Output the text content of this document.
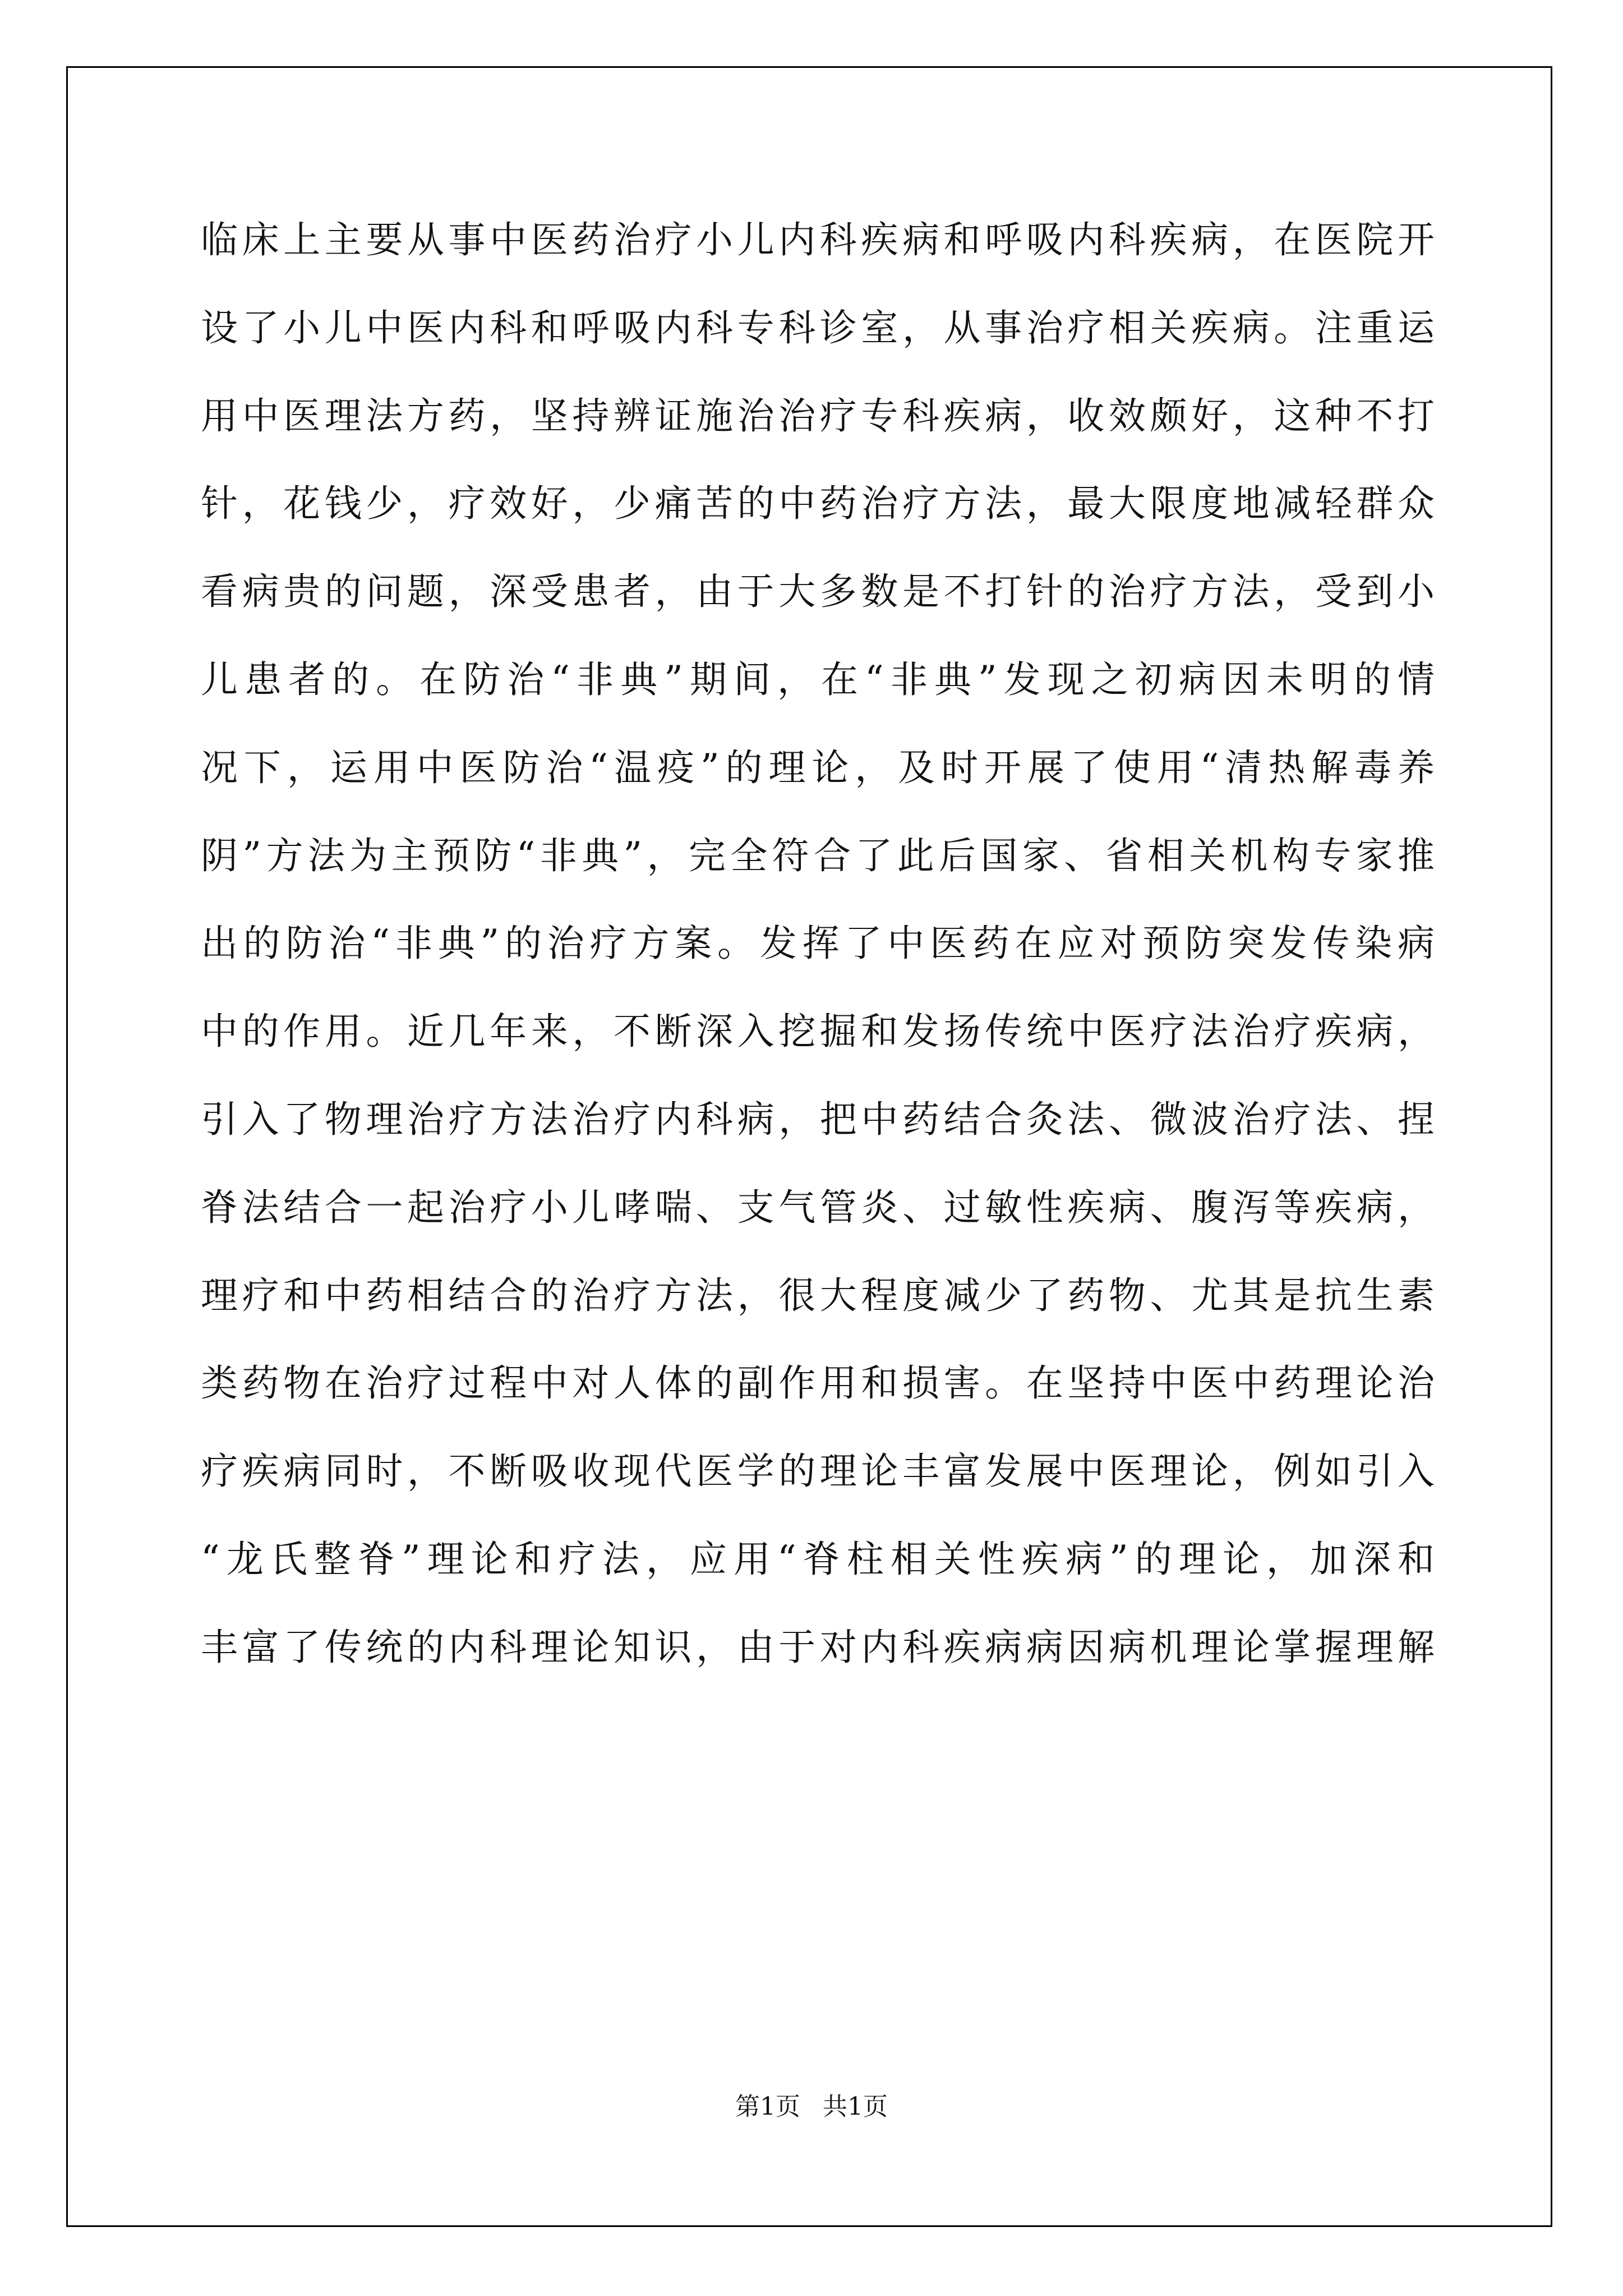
临床上主要从事中医药治疗小儿内科疾病和呼吸内科疾病，在医院开
设了小儿中医内科和呼吸内科专科诊室，从事治疗相关疾病。注重运
用中医理法方药，坚持辨证施治治疗专科疾病，收效颇好，这种不打
针，花钱少，疗效好，少痛苦的中药治疗方法，最大限度地减轻群众
看病贵的问题，深受患者，由于大多数是不打针的治疗方法，受到小
儿患者的。在防治“非典”期间，在“非典”发现之初病因未明的情
况下，运用中医防治“温疫”的理论，及时开展了使用“清热解毒养
阴”方法为主预防“非典”，完全符合了此后国家、省相关机构专家推
出的防治“非典”的治疗方案。发挥了中医药在应对预防突发传染病
中的作用。近几年来，不断深入挖掘和发扬传统中医疗法治疗疾病，
引入了物理治疗方法治疗内科病，把中药结合灸法、微波治疗法、捏
脊法结合一起治疗小儿哮喘、支气管炎、过敏性疾病、腹泻等疾病，
理疗和中药相结合的治疗方法，很大程度减少了药物、尤其是抗生素
类药物在治疗过程中对人体的副作用和损害。在坚持中医中药理论治
疗疾病同时，不断吸收现代医学的理论丰富发展中医理论，例如引入
“龙氏整脊”理论和疗法，应用“脊柱相关性疾病”的理论，加深和
丰富了传统的内科理论知识，由于对内科疾病病因病机理论掌握理解
第1页 共1页
